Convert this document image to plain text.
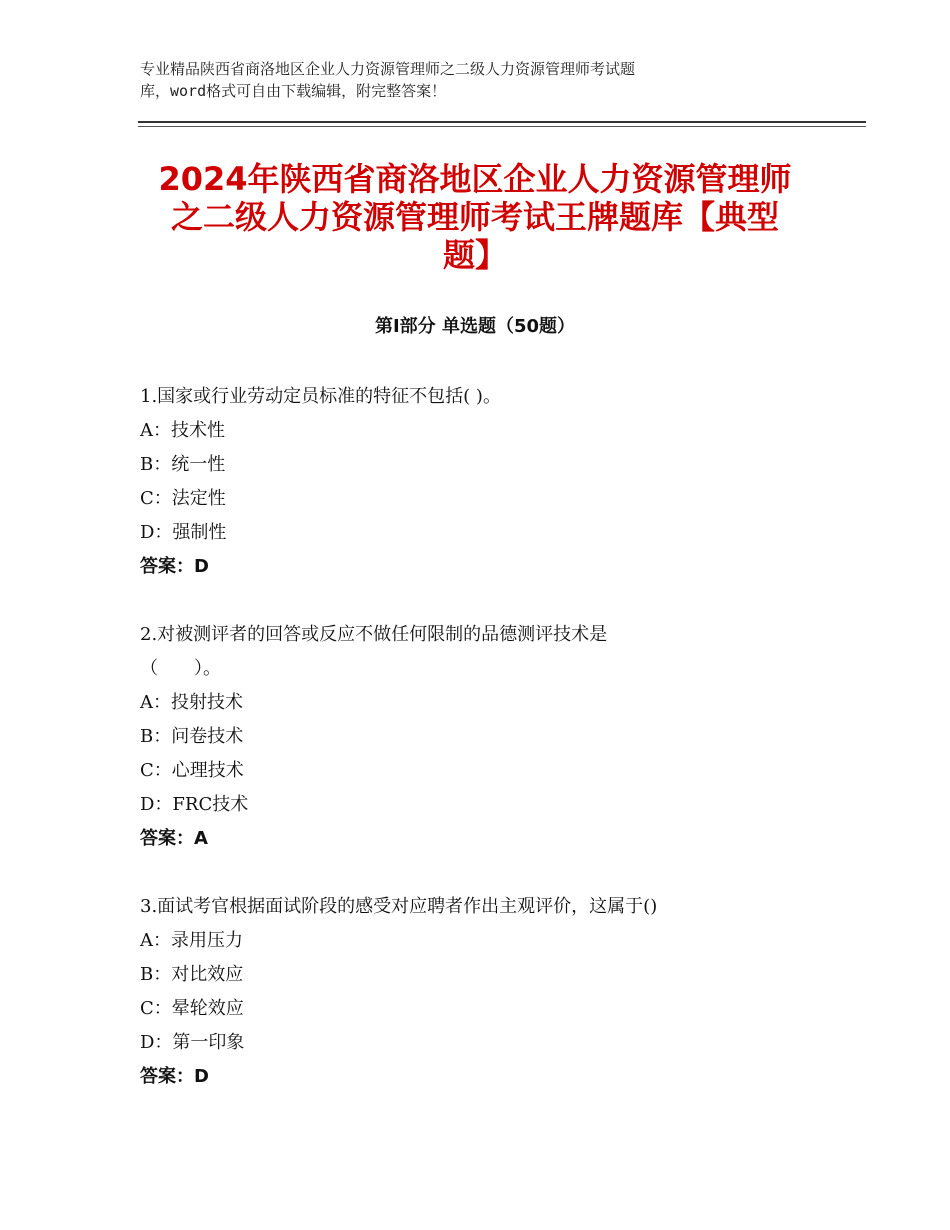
专业精品陕西省商洛地区企业人力资源管理师之二级人力资源管理师考试题
库，word格式可自由下载编辑，附完整答案！
2024年陕西省商洛地区企业人力资源管理师
之二级人力资源管理师考试王牌题库【典型
题】
第Ⅰ部分 单选题（50题）
1.国家或行业劳动定员标准的特征不包括( )。
A：技术性
B：统一性
C：法定性
D：强制性
答案：D
2.对被测评者的回答或反应不做任何限制的品德测评技术是
（　　）。
A：投射技术
B：问卷技术
C：心理技术
D：FRC技术
答案：A
3.面试考官根据面试阶段的感受对应聘者作出主观评价，这属于()
A：录用压力
B：对比效应
C：晕轮效应
D：第一印象
答案：D
